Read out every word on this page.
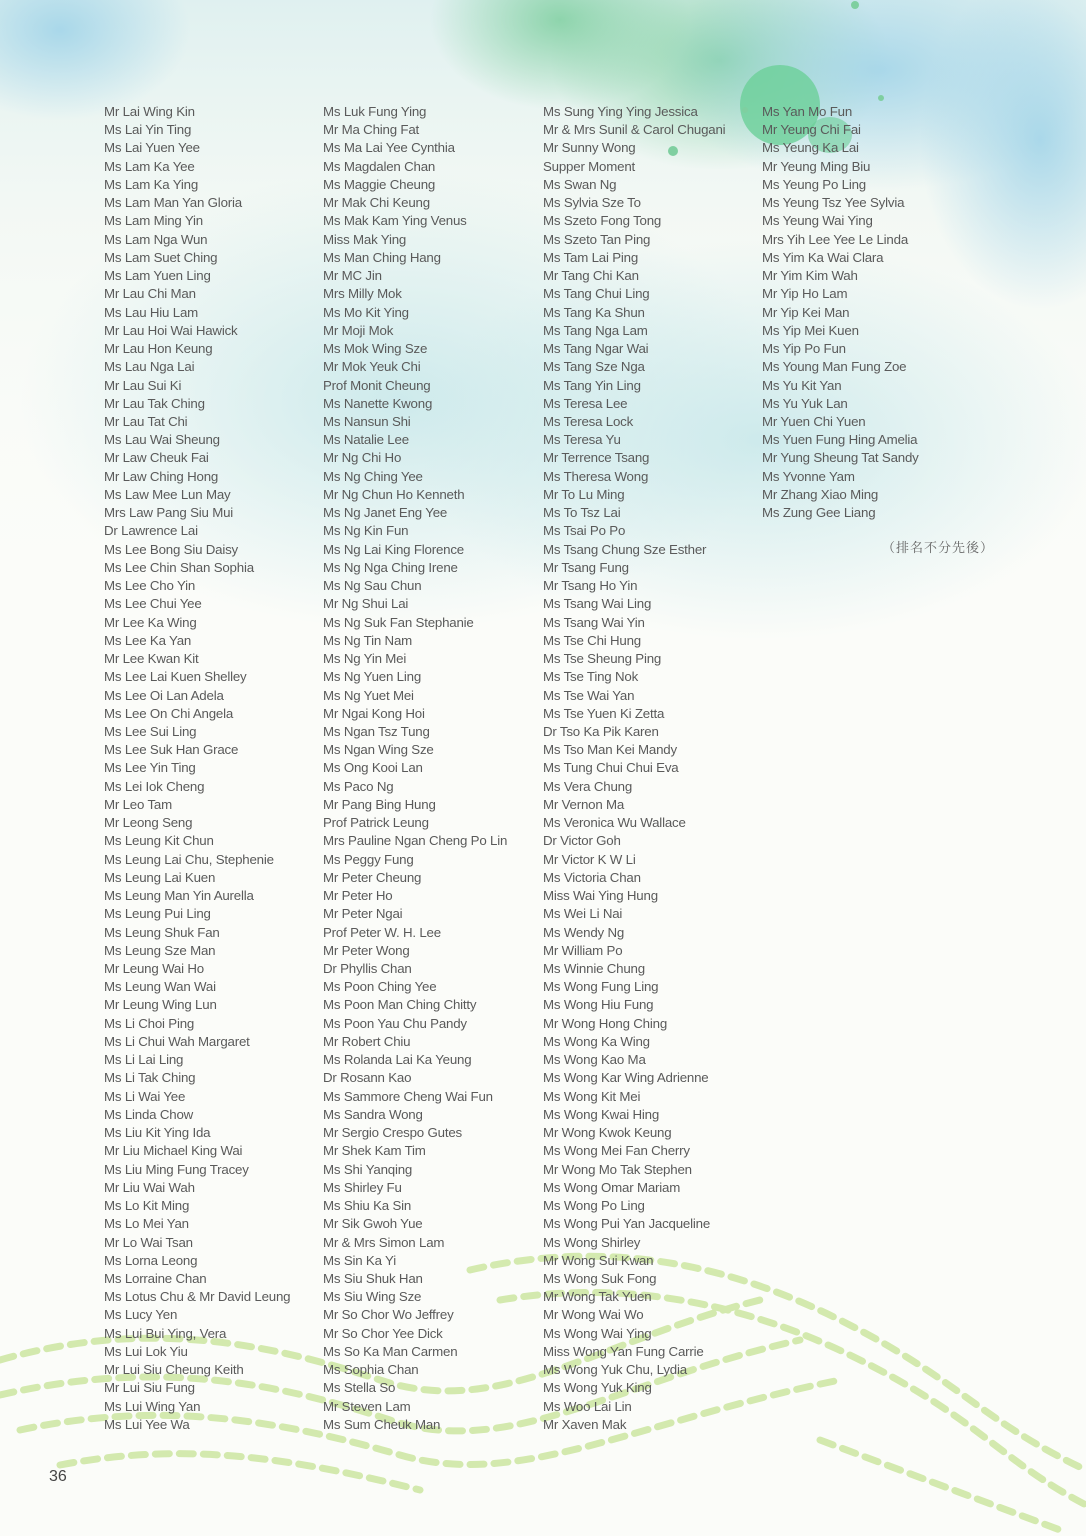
Mr Lai Wing Kin
Ms Lai Yin Ting
Ms Lai Yuen Yee
Ms Lam Ka Yee
Ms Lam Ka Ying
Ms Lam Man Yan Gloria
Ms Lam Ming Yin
Ms Lam Nga Wun
Ms Lam Suet Ching
Ms Lam Yuen Ling
Mr Lau Chi Man
Ms Lau Hiu Lam
Mr Lau Hoi Wai Hawick
Mr Lau Hon Keung
Ms Lau Nga Lai
Mr Lau Sui Ki
Mr Lau Tak Ching
Mr Lau Tat Chi
Ms Lau Wai Sheung
Mr Law Cheuk Fai
Mr Law Ching Hong
Ms Law Mee Lun May
Mrs Law Pang Siu Mui
Dr Lawrence Lai
Ms Lee Bong Siu Daisy
Ms Lee Chin Shan Sophia
Ms Lee Cho Yin
Ms Lee Chui Yee
Mr Lee Ka Wing
Ms Lee Ka Yan
Mr Lee Kwan Kit
Ms Lee Lai Kuen Shelley
Ms Lee Oi Lan Adela
Ms Lee On Chi Angela
Ms Lee Sui Ling
Ms Lee Suk Han Grace
Ms Lee Yin Ting
Ms Lei Iok Cheng
Mr Leo Tam
Mr Leong Seng
Ms Leung Kit Chun
Ms Leung Lai Chu, Stephenie
Ms Leung Lai Kuen
Ms Leung Man Yin Aurella
Ms Leung Pui Ling
Ms Leung Shuk Fan
Ms Leung Sze Man
Mr Leung Wai Ho
Ms Leung Wan Wai
Mr Leung Wing Lun
Ms Li Choi Ping
Ms Li Chui Wah Margaret
Ms Li Lai Ling
Ms Li Tak Ching
Ms Li Wai Yee
Ms Linda Chow
Ms Liu Kit Ying Ida
Mr Liu Michael King Wai
Ms Liu Ming Fung Tracey
Mr Liu Wai Wah
Ms Lo Kit Ming
Ms Lo Mei Yan
Mr Lo Wai Tsan
Ms Lorna Leong
Ms Lorraine Chan
Ms Lotus Chu & Mr David Leung
Ms Lucy Yen
Ms Lui Bui Ying, Vera
Ms Lui Lok Yiu
Mr Lui Siu Cheung Keith
Mr Lui Siu Fung
Ms Lui Wing Yan
Ms Lui Yee Wa
Ms Luk Fung Ying
Mr Ma Ching Fat
Ms Ma Lai Yee Cynthia
Ms Magdalen Chan
Ms Maggie Cheung
Mr Mak Chi Keung
Ms Mak Kam Ying Venus
Miss Mak Ying
Ms Man Ching Hang
Mr MC Jin
Mrs Milly Mok
Ms Mo Kit Ying
Mr Moji Mok
Ms Mok Wing Sze
Mr Mok Yeuk Chi
Prof Monit Cheung
Ms Nanette Kwong
Ms Nansun Shi
Ms Natalie Lee
Mr Ng Chi Ho
Ms Ng Ching Yee
Mr Ng Chun Ho Kenneth
Ms Ng Janet Eng Yee
Ms Ng Kin Fun
Ms Ng Lai King Florence
Ms Ng Nga Ching Irene
Ms Ng Sau Chun
Mr Ng Shui Lai
Ms Ng Suk Fan Stephanie
Ms Ng Tin Nam
Ms Ng Yin Mei
Ms Ng Yuen Ling
Ms Ng Yuet Mei
Mr Ngai Kong Hoi
Ms Ngan Tsz Tung
Ms Ngan Wing Sze
Ms Ong Kooi Lan
Ms Paco Ng
Mr Pang Bing Hung
Prof Patrick Leung
Mrs Pauline Ngan Cheng Po Lin
Ms Peggy Fung
Mr Peter Cheung
Mr Peter Ho
Mr Peter Ngai
Prof Peter W. H. Lee
Mr Peter Wong
Dr Phyllis Chan
Ms Poon Ching Yee
Ms Poon Man Ching Chitty
Ms Poon Yau Chu Pandy
Mr Robert Chiu
Ms Rolanda Lai Ka Yeung
Dr Rosann Kao
Ms Sammore Cheng Wai Fun
Ms Sandra Wong
Mr Sergio Crespo Gutes
Mr Shek Kam Tim
Ms Shi Yanqing
Ms Shirley Fu
Ms Shiu Ka Sin
Mr Sik Gwoh Yue
Mr & Mrs Simon Lam
Ms Sin Ka Yi
Ms Siu Shuk Han
Ms Siu Wing Sze
Mr So Chor Wo Jeffrey
Mr So Chor Yee Dick
Ms So Ka Man Carmen
Ms Sophia Chan
Ms Stella So
Mr Steven Lam
Ms Sum Cheuk Man
Ms Sung Ying Ying Jessica
Mr & Mrs Sunil & Carol Chugani
Mr Sunny Wong
Supper Moment
Ms Swan Ng
Ms Sylvia Sze To
Ms Szeto Fong Tong
Ms Szeto Tan Ping
Ms Tam Lai Ping
Mr Tang Chi Kan
Ms Tang Chui Ling
Ms Tang Ka Shun
Ms Tang Nga Lam
Ms Tang Ngar Wai
Ms Tang Sze Nga
Ms Tang Yin Ling
Ms Teresa Lee
Ms Teresa Lock
Ms Teresa Yu
Mr Terrence Tsang
Ms Theresa Wong
Mr To Lu Ming
Ms To Tsz Lai
Ms Tsai Po Po
Ms Tsang Chung Sze Esther
Mr Tsang Fung
Mr Tsang Ho Yin
Ms Tsang Wai Ling
Ms Tsang Wai Yin
Ms Tse Chi Hung
Ms Tse Sheung Ping
Ms Tse Ting Nok
Ms Tse Wai Yan
Ms Tse Yuen Ki Zetta
Dr Tso Ka Pik Karen
Ms Tso Man Kei Mandy
Ms Tung Chui Chui Eva
Ms Vera Chung
Mr Vernon Ma
Ms Veronica Wu Wallace
Dr Victor Goh
Mr Victor K W Li
Ms Victoria Chan
Miss Wai Ying Hung
Ms Wei Li Nai
Ms Wendy Ng
Mr William Po
Ms Winnie Chung
Ms Wong Fung Ling
Ms Wong Hiu Fung
Mr Wong Hong Ching
Ms Wong Ka Wing
Ms Wong Kao Ma
Ms Wong Kar Wing Adrienne
Ms Wong Kit Mei
Ms Wong Kwai Hing
Mr Wong Kwok Keung
Ms Wong Mei Fan Cherry
Mr Wong Mo Tak Stephen
Ms Wong Omar Mariam
Ms Wong Po Ling
Ms Wong Pui Yan Jacqueline
Ms Wong Shirley
Mr Wong Sui Kwan
Ms Wong Suk Fong
Mr Wong Tak Yuen
Mr Wong Wai Wo
Ms Wong Wai Ying
Miss Wong Yan Fung Carrie
Ms Wong Yuk Chu, Lydia
Ms Wong Yuk King
Ms Woo Lai Lin
Mr Xaven Mak
Ms Yan Mo Fun
Mr Yeung Chi Fai
Ms Yeung Ka Lai
Mr Yeung Ming Biu
Ms Yeung Po Ling
Ms Yeung Tsz Yee Sylvia
Ms Yeung Wai Ying
Mrs Yih Lee Yee Le Linda
Ms Yim Ka Wai Clara
Mr Yim Kim Wah
Mr Yip Ho Lam
Mr Yip Kei Man
Ms Yip Mei Kuen
Ms Yip Po Fun
Ms Young Man Fung Zoe
Ms Yu Kit Yan
Ms Yu Yuk Lan
Mr Yuen Chi Yuen
Ms Yuen Fung Hing Amelia
Mr Yung Sheung Tat Sandy
Ms Yvonne Yam
Mr Zhang Xiao Ming
Ms Zung Gee Liang
（排名不分先後）
36
